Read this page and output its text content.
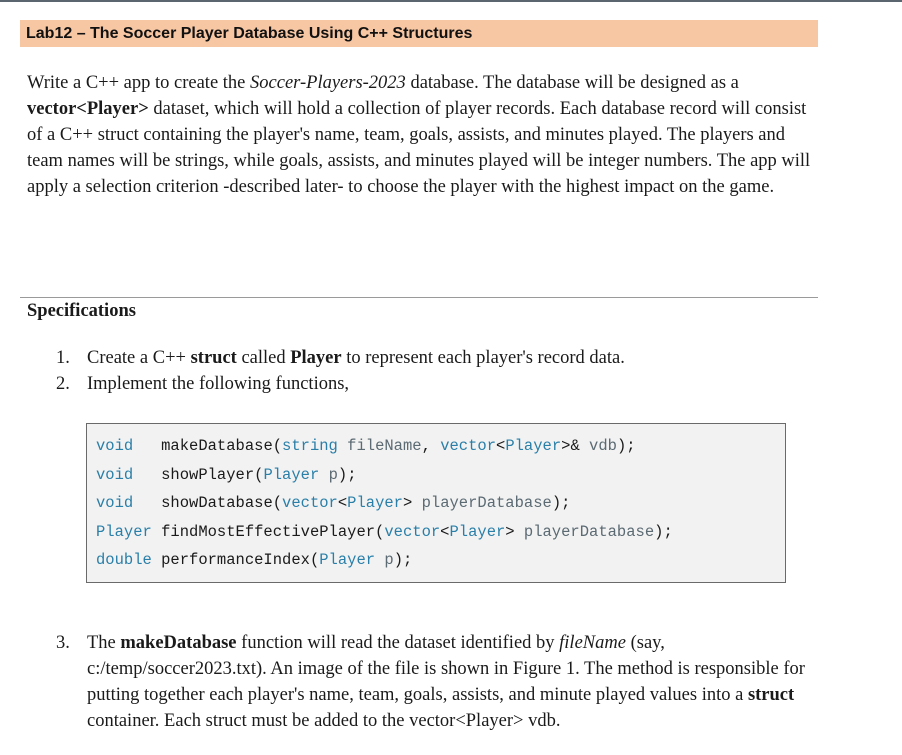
Lab12 – The Soccer Player Database Using C++ Structures

Write a C++ app to create the Soccer-Players-2023 database. The database will be designed as a vector<Player> dataset, which will hold a collection of player records. Each database record will consist of a C++ struct containing the player's name, team, goals, assists, and minutes played. The players and team names will be strings, while goals, assists, and minutes played will be integer numbers. The app will apply a selection criterion -described later- to choose the player with the highest impact on the game.

Specifications

1. Create a C++ struct called Player to represent each player's record data.
2. Implement the following functions,
void   makeDatabase(string fileName, vector<Player>& vdb);
void   showPlayer(Player p);
void   showDatabase(vector<Player> playerDatabase);
Player findMostEffectivePlayer(vector<Player> playerDatabase);
double performanceIndex(Player p);
3. The makeDatabase function will read the dataset identified by fileName (say, c:/temp/soccer2023.txt). An image of the file is shown in Figure 1. The method is responsible for putting together each player's name, team, goals, assists, and minute played values into a struct container. Each struct must be added to the vector<Player> vdb.
